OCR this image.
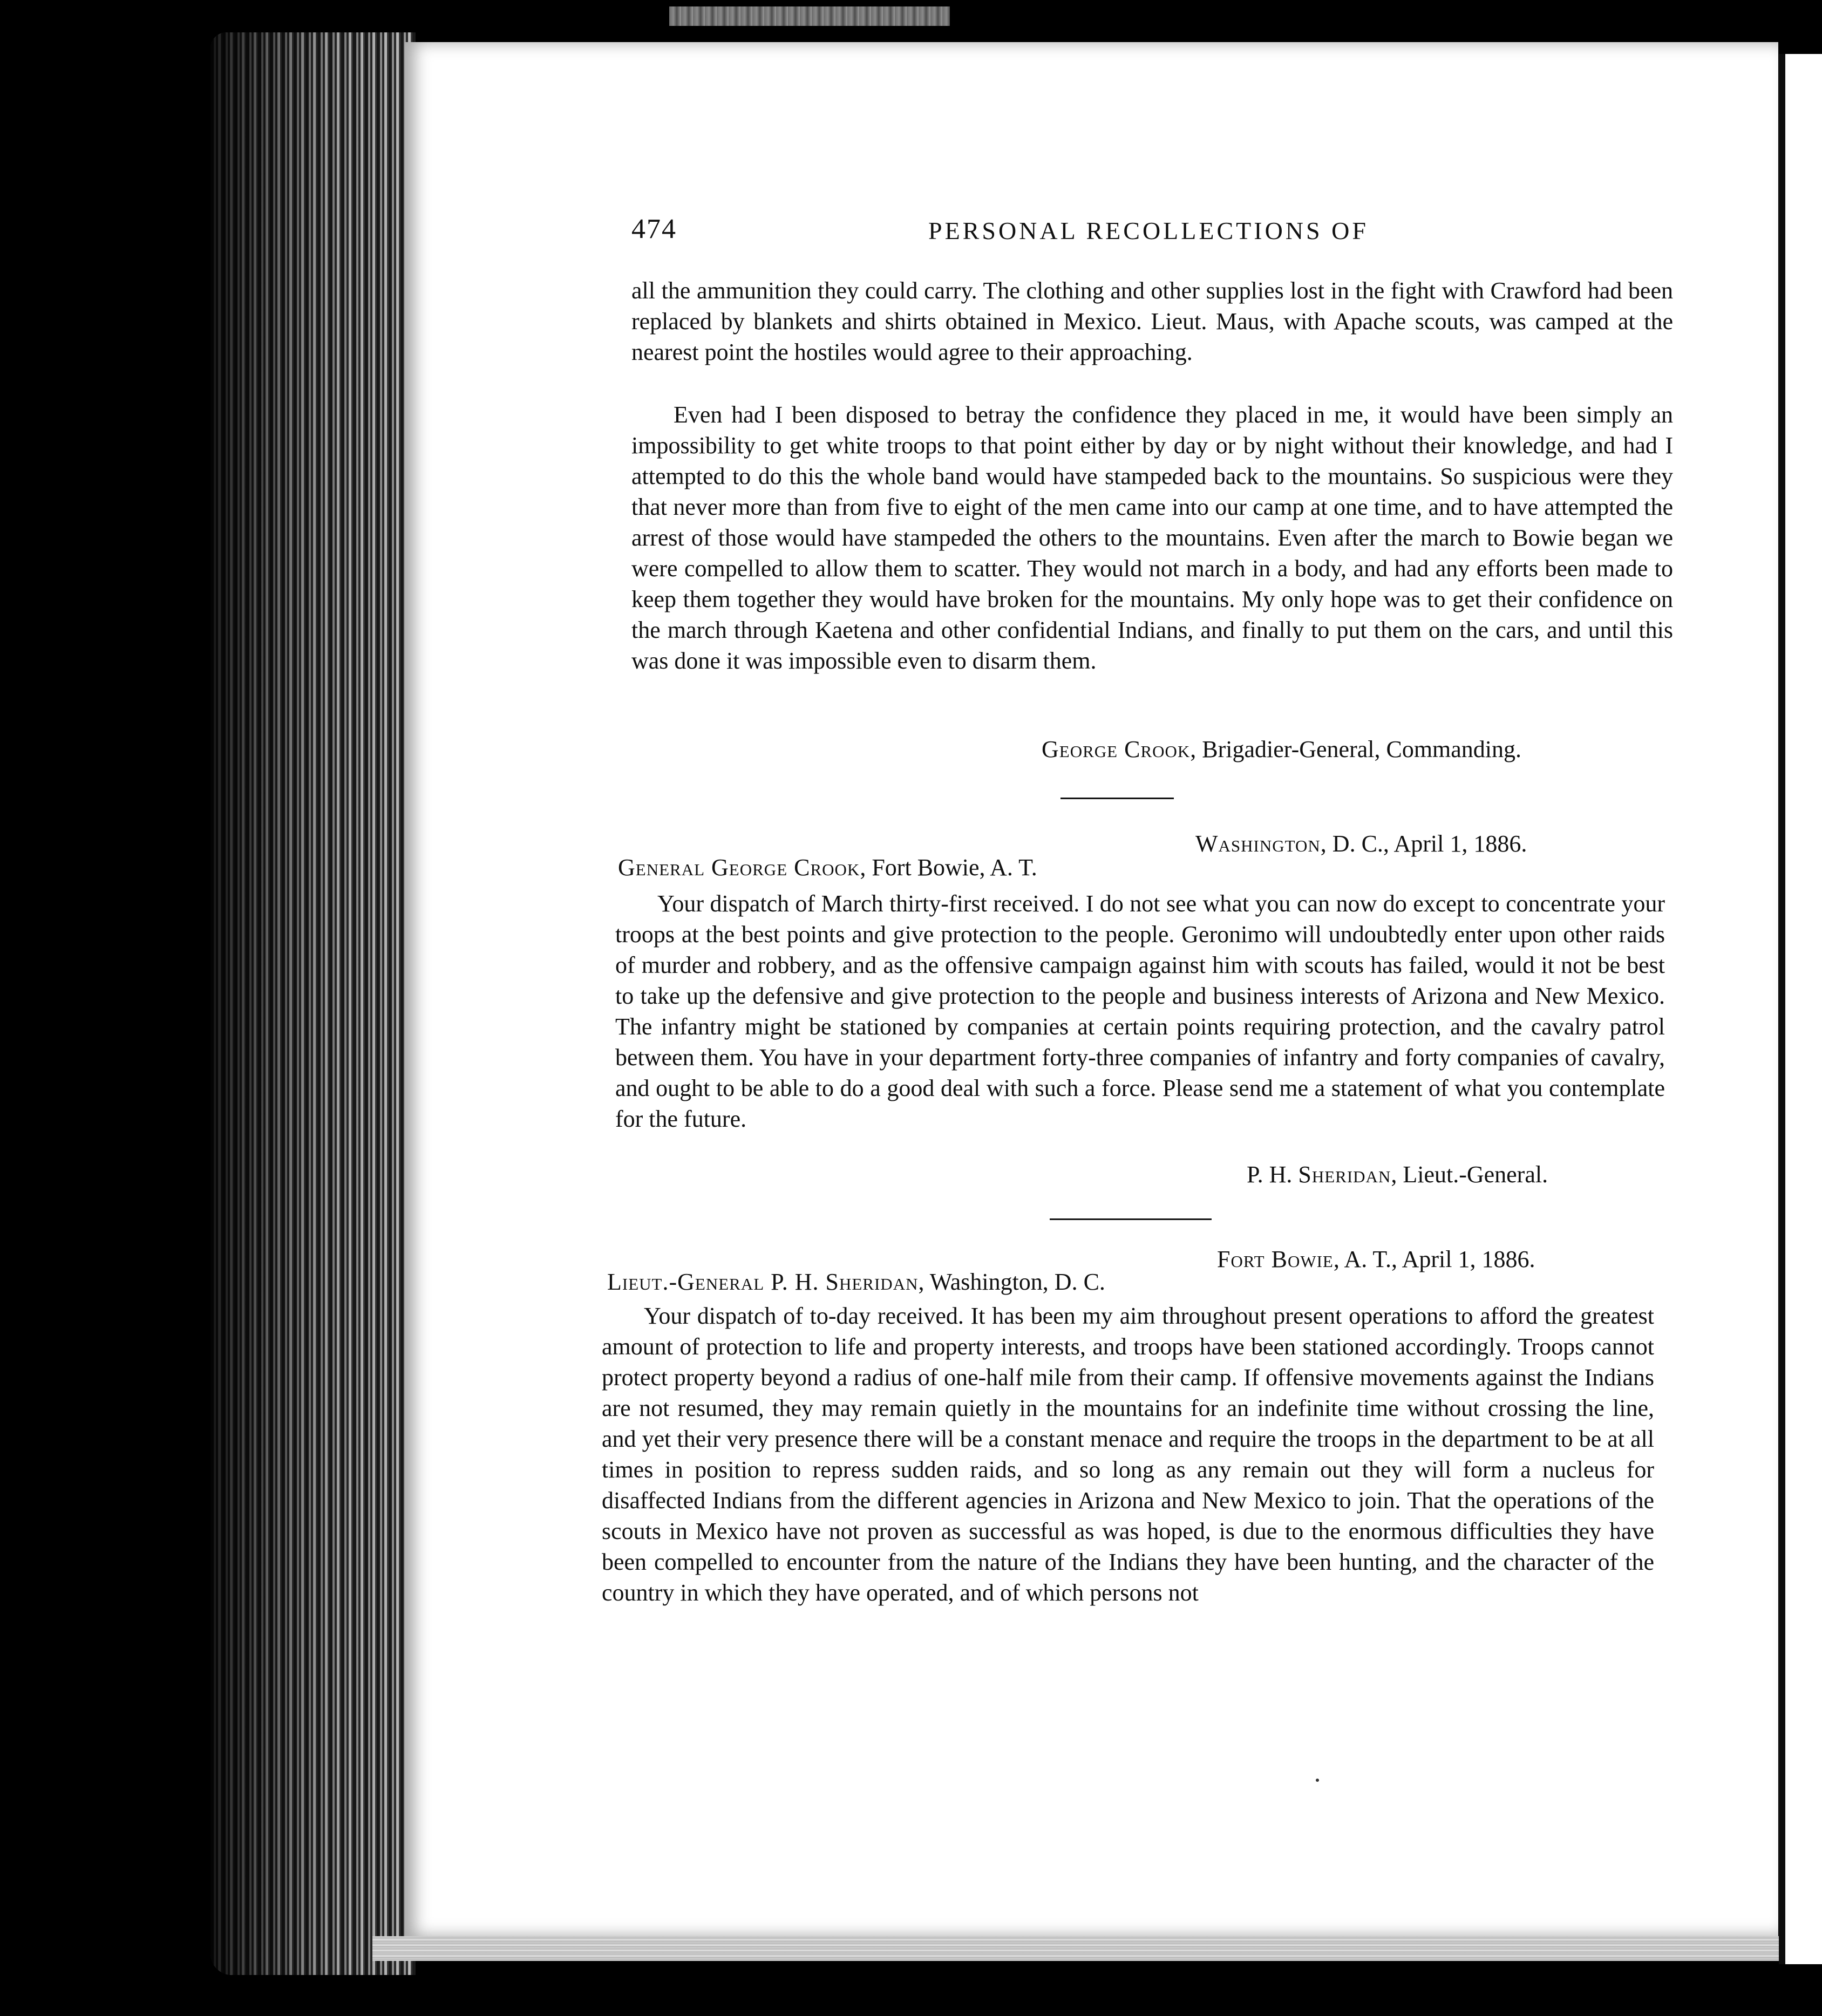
474	PERSONAL RECOLLECTIONS OF

all the ammunition they could carry. The clothing and other supplies lost in the fight with Crawford had been replaced by blankets and shirts obtained in Mexico. Lieut. Maus, with Apache scouts, was camped at the nearest point the hostiles would agree to their approaching.

Even had I been disposed to betray the confidence they placed in me, it would have been simply an impossibility to get white troops to that point either by day or by night without their knowledge, and had I attempted to do this the whole band would have stampeded back to the mountains. So suspicious were they that never more than from five to eight of the men came into our camp at one time, and to have attempted the arrest of those would have stampeded the others to the mountains. Even after the march to Bowie began we were compelled to allow them to scatter. They would not march in a body, and had any efforts been made to keep them together they would have broken for the mountains. My only hope was to get their confidence on the march through Kaetena and other confidential Indians, and finally to put them on the cars, and until this was done it was impossible even to disarm them.

George Crook, Brigadier-General, Commanding.
Washington, D. C., April 1, 1886.
General George Crook, Fort Bowie, A. T.

Your dispatch of March thirty-first received. I do not see what you can now do except to concentrate your troops at the best points and give protection to the people. Geronimo will undoubtedly enter upon other raids of murder and robbery, and as the offensive campaign against him with scouts has failed, would it not be best to take up the defensive and give protection to the people and business interests of Arizona and New Mexico. The infantry might be stationed by companies at certain points requiring protection, and the cavalry patrol between them. You have in your department forty-three companies of infantry and forty companies of cavalry, and ought to be able to do a good deal with such a force. Please send me a statement of what you contemplate for the future.

P. H. Sheridan, Lieut.-General.
Fort Bowie, A. T., April 1, 1886.
Lieut.-General P. H. Sheridan, Washington, D. C.

Your dispatch of to-day received. It has been my aim throughout present operations to afford the greatest amount of protection to life and property interests, and troops have been stationed accordingly. Troops cannot protect property beyond a radius of one-half mile from their camp. If offensive movements against the Indians are not resumed, they may remain quietly in the mountains for an indefinite time without crossing the line, and yet their very presence there will be a constant menace and require the troops in the department to be at all times in position to repress sudden raids, and so long as any remain out they will form a nucleus for disaffected Indians from the different agencies in Arizona and New Mexico to join. That the operations of the scouts in Mexico have not proven as successful as was hoped, is due to the enormous difficulties they have been compelled to encounter from the nature of the Indians they have been hunting, and the character of the country in which they have operated, and of which persons not
